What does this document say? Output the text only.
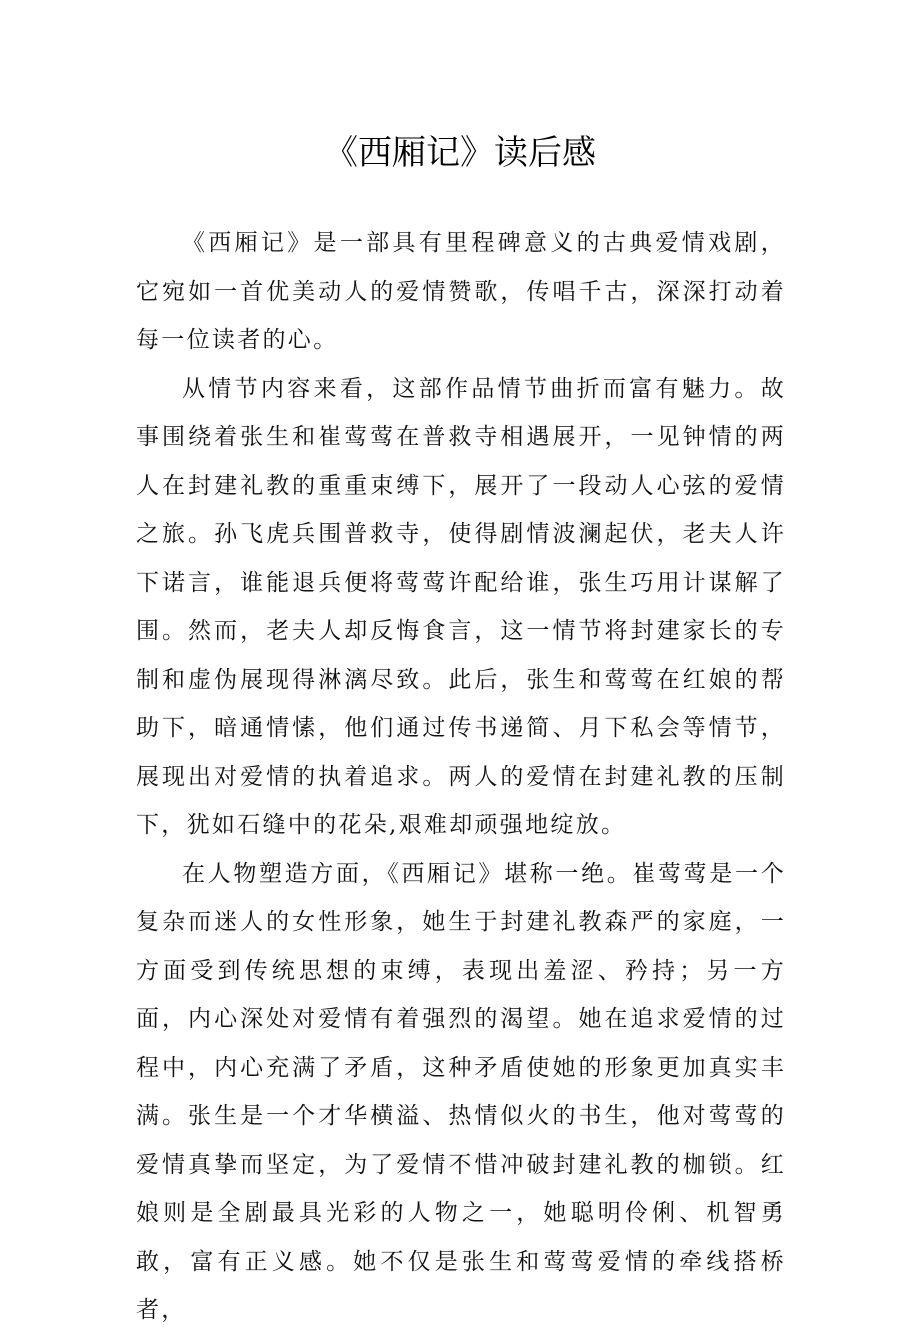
《西厢记》读后感

《西厢记》是一部具有里程碑意义的古典爱情戏剧，它宛如一首优美动人的爱情赞歌，传唱千古，深深打动着每一位读者的心。

从情节内容来看，这部作品情节曲折而富有魅力。故事围绕着张生和崔莺莺在普救寺相遇展开，一见钟情的两人在封建礼教的重重束缚下，展开了一段动人心弦的爱情之旅。孙飞虎兵围普救寺，使得剧情波澜起伏，老夫人许下诺言，谁能退兵便将莺莺许配给谁，张生巧用计谋解了围。然而，老夫人却反悔食言，这一情节将封建家长的专制和虚伪展现得淋漓尽致。此后，张生和莺莺在红娘的帮助下，暗通情愫，他们通过传书递简、月下私会等情节，展现出对爱情的执着追求。两人的爱情在封建礼教的压制下，犹如石缝中的花朵,艰难却顽强地绽放。

在人物塑造方面，《西厢记》堪称一绝。崔莺莺是一个复杂而迷人的女性形象，她生于封建礼教森严的家庭，一方面受到传统思想的束缚，表现出羞涩、矜持；另一方面，内心深处对爱情有着强烈的渴望。她在追求爱情的过程中，内心充满了矛盾，这种矛盾使她的形象更加真实丰满。张生是一个才华横溢、热情似火的书生，他对莺莺的爱情真挚而坚定，为了爱情不惜冲破封建礼教的枷锁。红娘则是全剧最具光彩的人物之一，她聪明伶俐、机智勇敢，富有正义感。她不仅是张生和莺莺爱情的牵线搭桥者，
